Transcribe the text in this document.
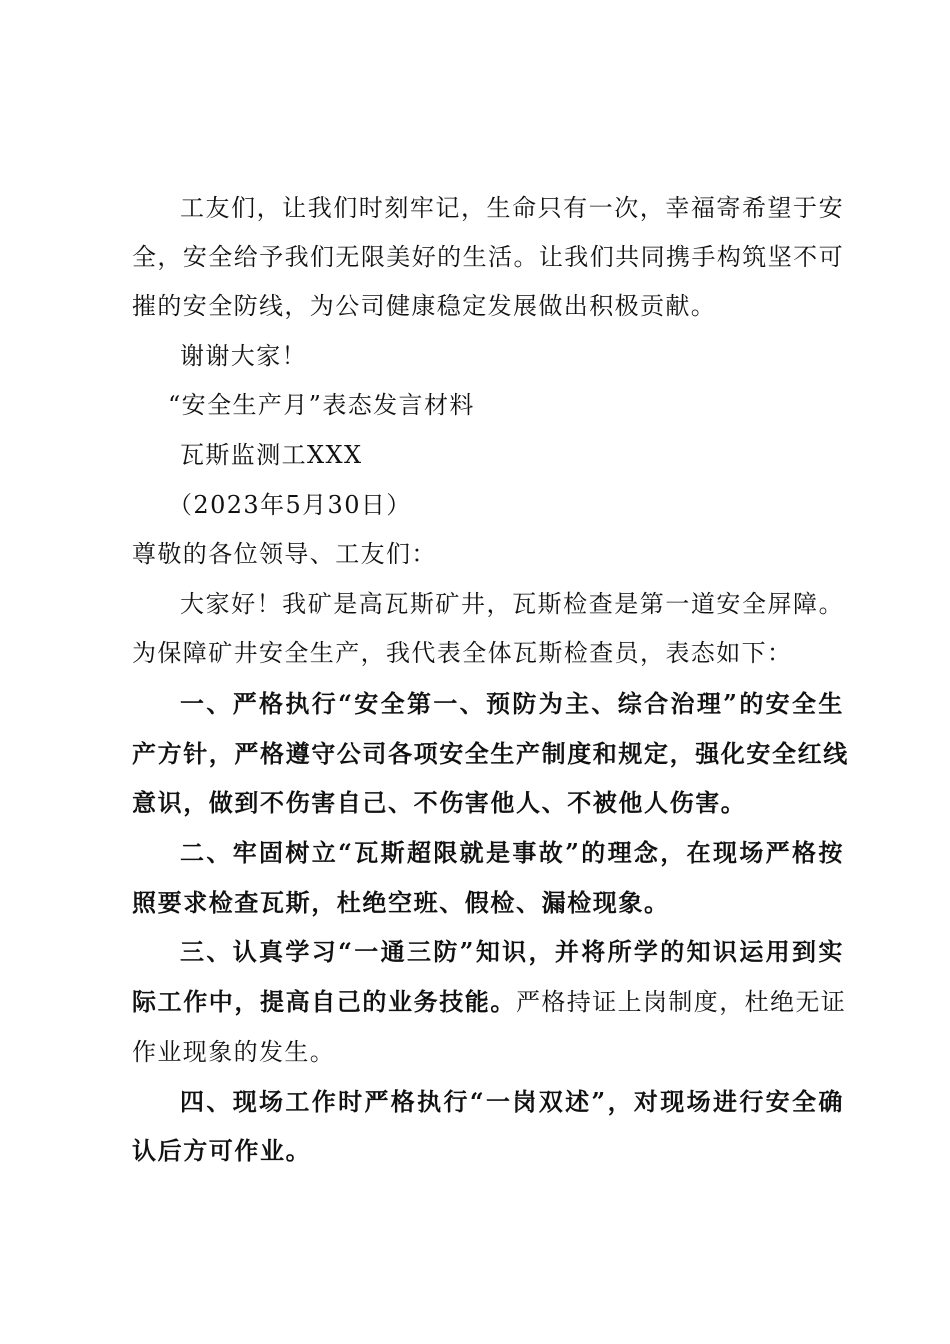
工友们，让我们时刻牢记，生命只有一次，幸福寄希望于安
全，安全给予我们无限美好的生活。让我们共同携手构筑坚不可
摧的安全防线，为公司健康稳定发展做出积极贡献。
谢谢大家！
“安全生产月”表态发言材料
瓦斯监测工XXX
（2023年5月30日）
尊敬的各位领导、工友们：
大家好！我矿是高瓦斯矿井，瓦斯检查是第一道安全屏障。
为保障矿井安全生产，我代表全体瓦斯检查员，表态如下：
一、严格执行“安全第一、预防为主、综合治理”的安全生
产方针，严格遵守公司各项安全生产制度和规定，强化安全红线
意识，做到不伤害自己、不伤害他人、不被他人伤害。
二、牢固树立“瓦斯超限就是事故”的理念，在现场严格按
照要求检查瓦斯，杜绝空班、假检、漏检现象。
三、认真学习“一通三防”知识，并将所学的知识运用到实
际工作中，提高自己的业务技能。严格持证上岗制度，杜绝无证
作业现象的发生。
四、现场工作时严格执行“一岗双述”，对现场进行安全确
认后方可作业。
